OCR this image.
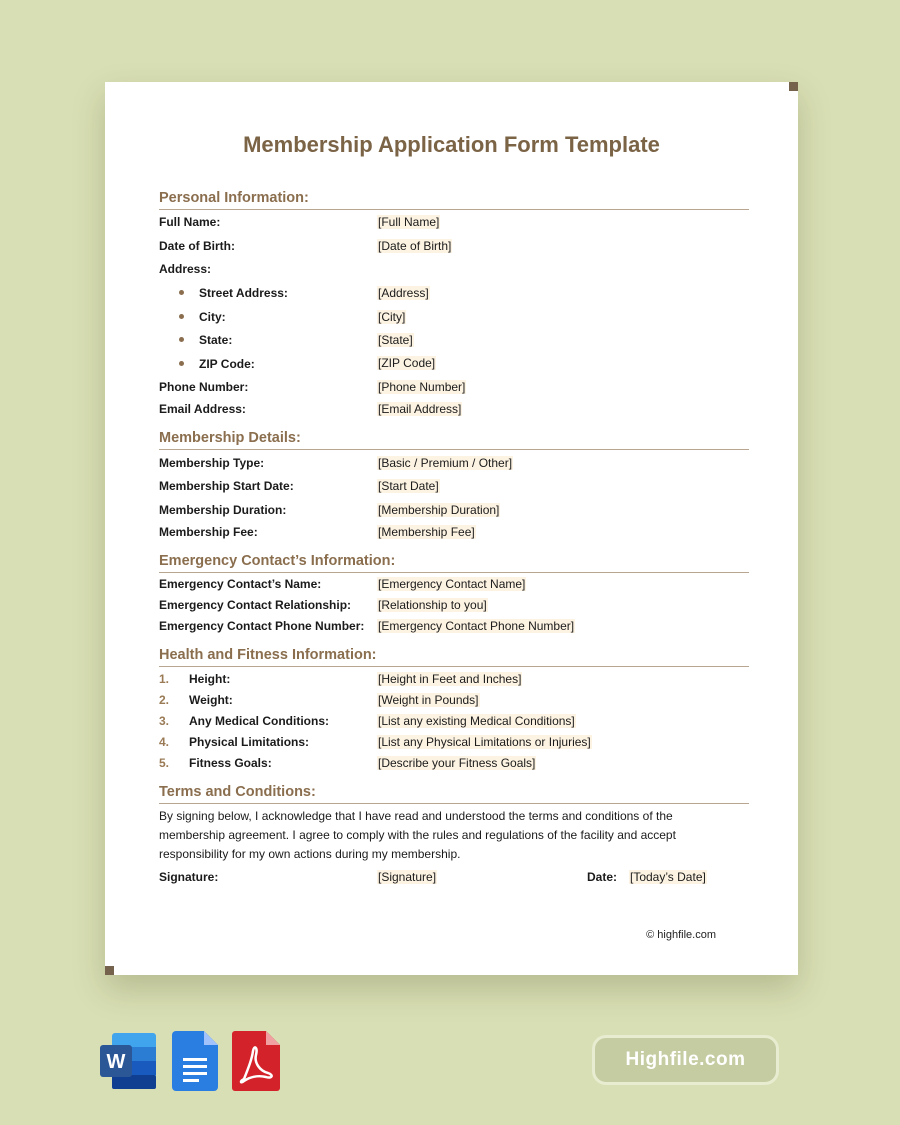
Membership Application Form Template
Personal Information:
Full Name:	[Full Name]
Date of Birth:	[Date of Birth]
Address:
Street Address:	[Address]
City:	[City]
State:	[State]
ZIP Code:	[ZIP Code]
Phone Number:	[Phone Number]
Email Address:	[Email Address]
Membership Details:
Membership Type:	[Basic / Premium / Other]
Membership Start Date:	[Start Date]
Membership Duration:	[Membership Duration]
Membership Fee:	[Membership Fee]
Emergency Contact’s Information:
Emergency Contact’s Name:	[Emergency Contact Name]
Emergency Contact Relationship: [Relationship to you]
Emergency Contact Phone Number: [Emergency Contact Phone Number]
Health and Fitness Information:
1. Height:	[Height in Feet and Inches]
2. Weight:	[Weight in Pounds]
3. Any Medical Conditions:	[List any existing Medical Conditions]
4. Physical Limitations:	[List any Physical Limitations or Injuries]
5. Fitness Goals:	[Describe your Fitness Goals]
Terms and Conditions:
By signing below, I acknowledge that I have read and understood the terms and conditions of the membership agreement. I agree to comply with the rules and regulations of the facility and accept responsibility for my own actions during my membership.
Signature:	[Signature]	Date: [Today’s Date]
© highfile.com
W	Highfile.com
